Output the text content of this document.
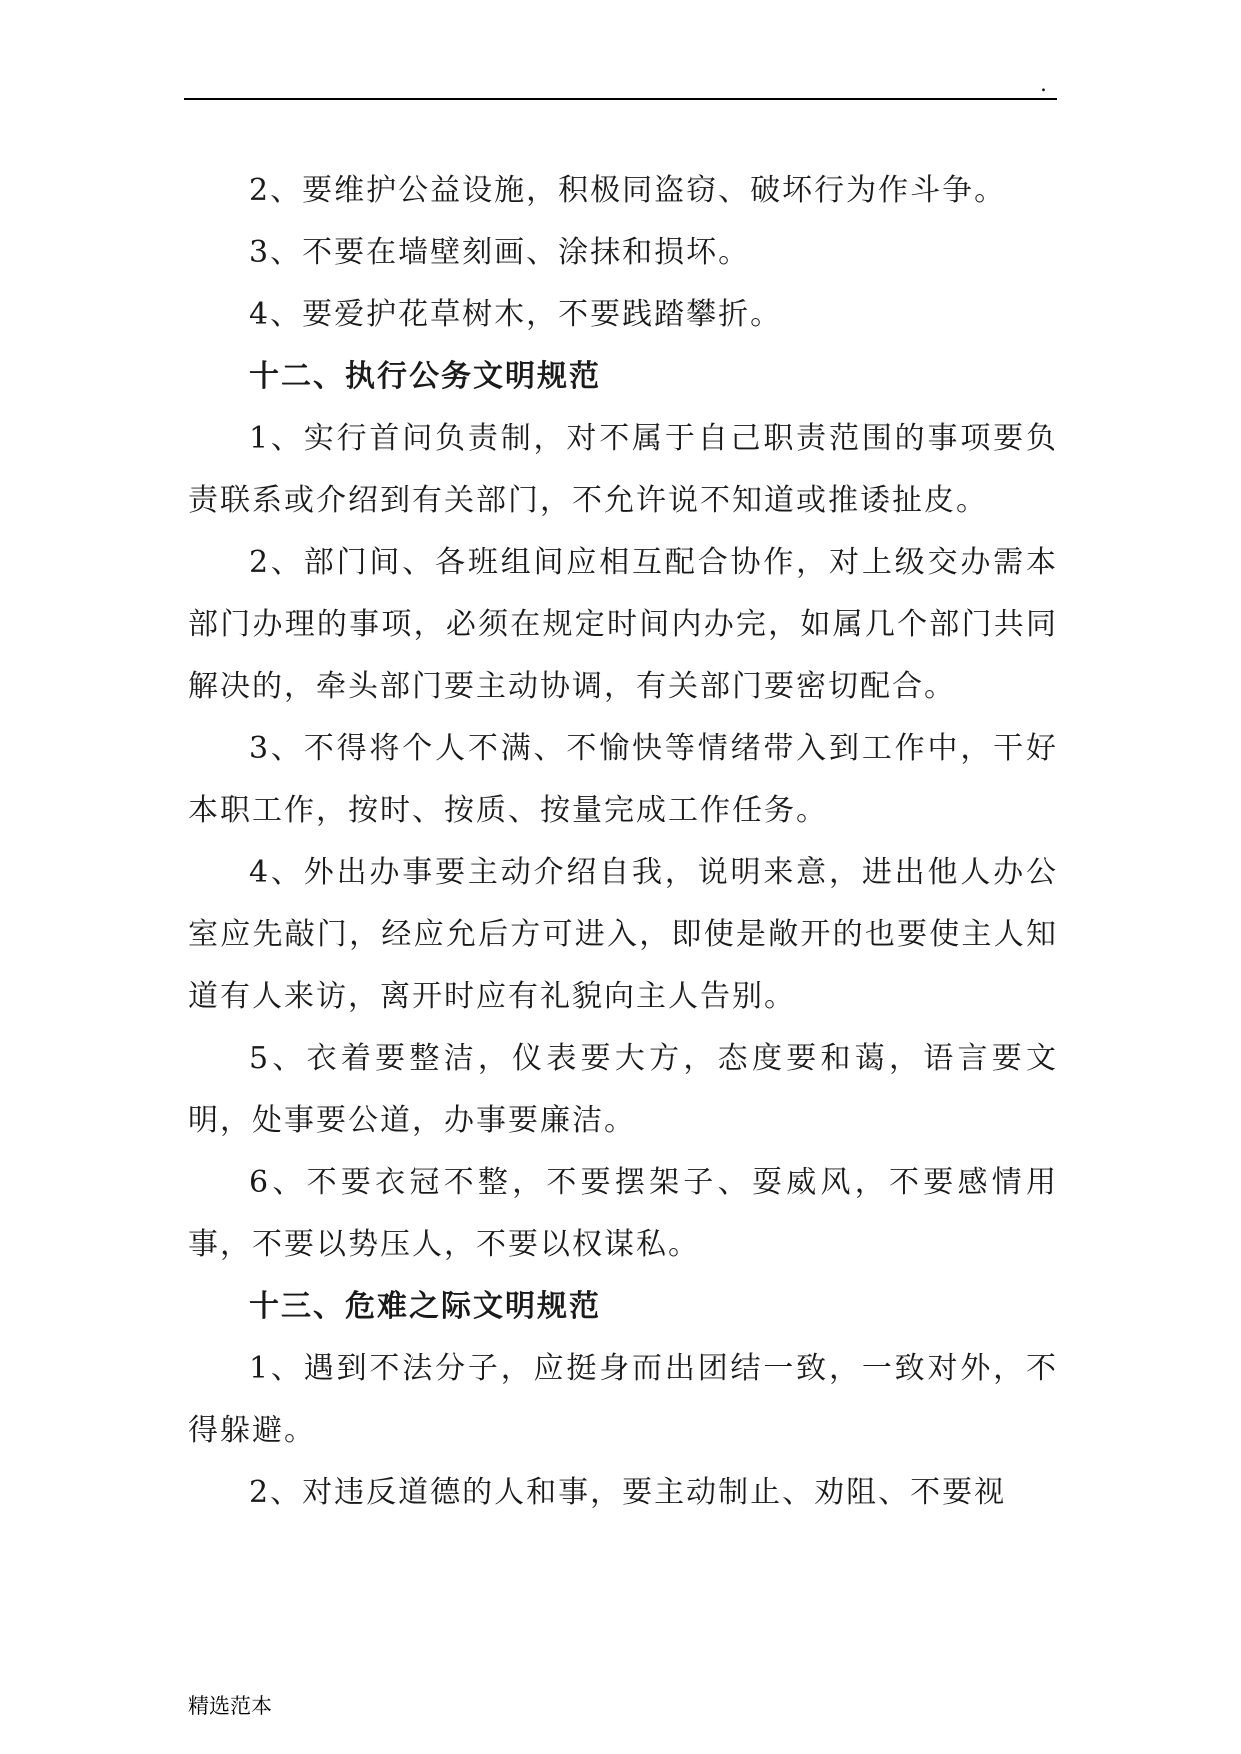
.

2、要维护公益设施，积极同盗窃、破坏行为作斗争。

3、不要在墙壁刻画、涂抹和损坏。

4、要爱护花草树木，不要践踏攀折。

十二、执行公务文明规范

1、实行首问负责制，对不属于自己职责范围的事项要负责联系或介绍到有关部门，不允许说不知道或推诿扯皮。

2、部门间、各班组间应相互配合协作，对上级交办需本部门办理的事项，必须在规定时间内办完，如属几个部门共同解决的，牵头部门要主动协调，有关部门要密切配合。

3、不得将个人不满、不愉快等情绪带入到工作中，干好本职工作，按时、按质、按量完成工作任务。

4、外出办事要主动介绍自我，说明来意，进出他人办公室应先敲门，经应允后方可进入，即使是敞开的也要使主人知道有人来访，离开时应有礼貌向主人告别。

5、衣着要整洁，仪表要大方，态度要和蔼，语言要文明，处事要公道，办事要廉洁。

6、不要衣冠不整，不要摆架子、耍威风，不要感情用事，不要以势压人，不要以权谋私。

十三、危难之际文明规范

1、遇到不法分子，应挺身而出团结一致，一致对外，不得躲避。

2、对违反道德的人和事，要主动制止、劝阻、不要视

精选范本
